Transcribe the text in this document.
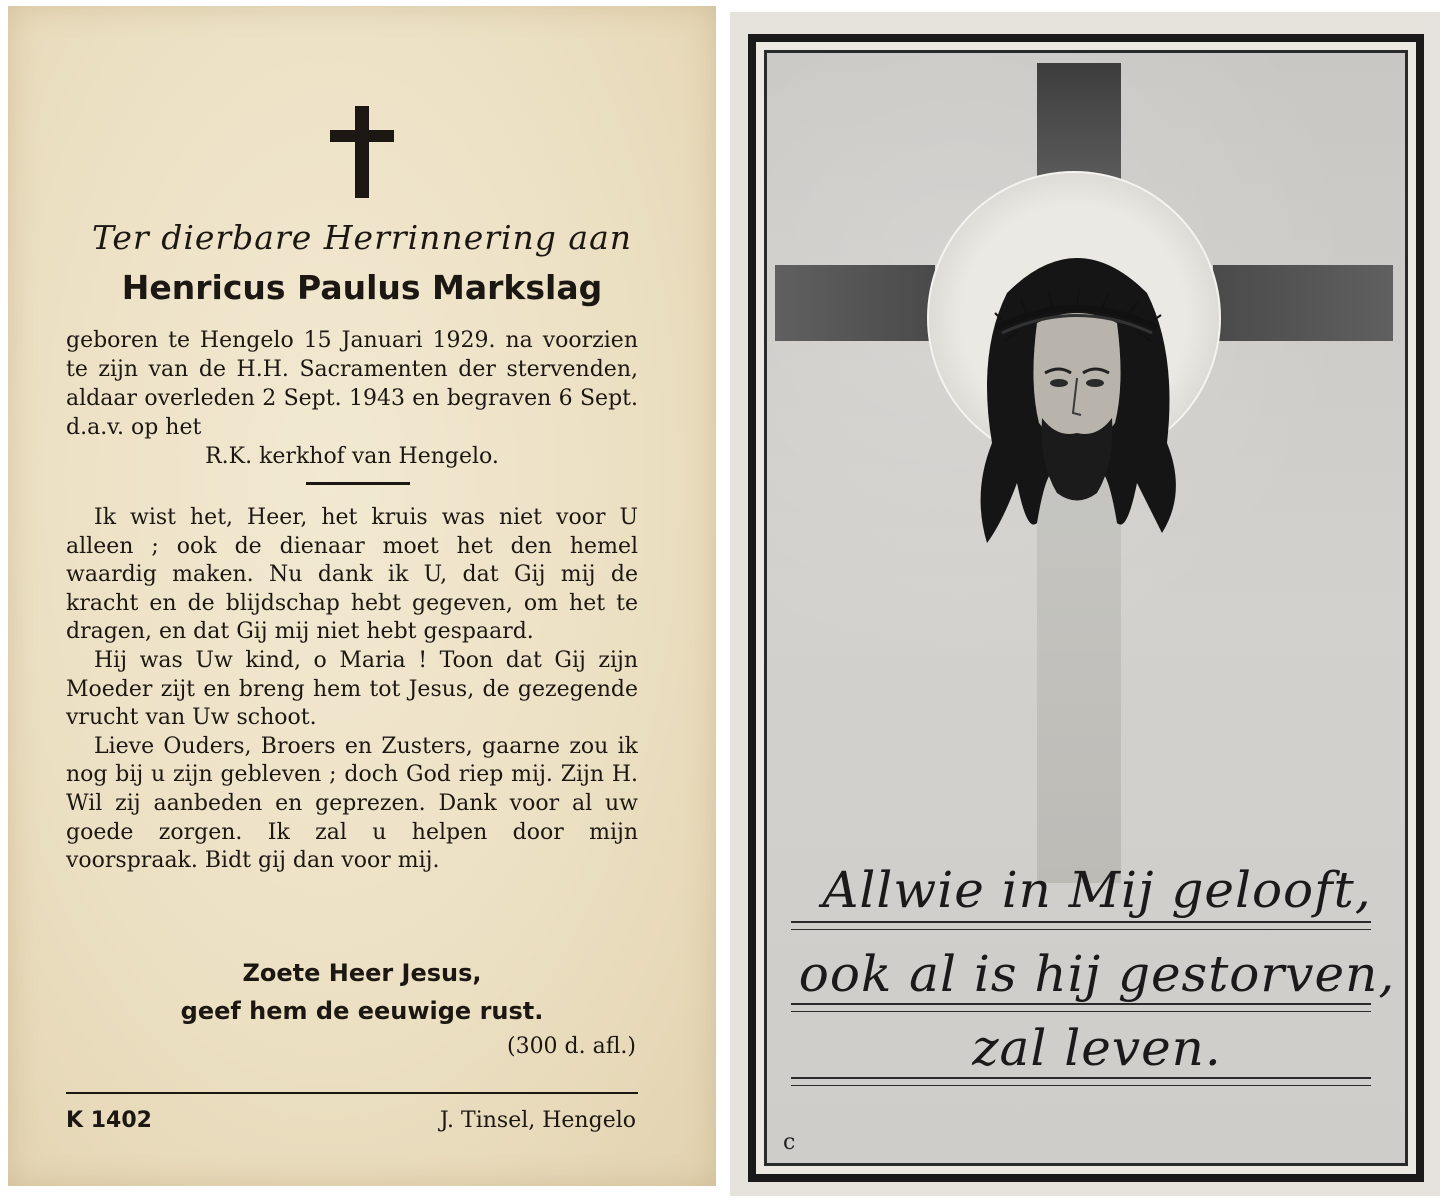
Ter dierbare Herrinnering aan
Henricus Paulus Markslag
geboren te Hengelo 15 Januari 1929. na voorzien te zijn van de H.H. Sacramenten der stervenden, aldaar overleden 2 Sept. 1943 en begraven 6 Sept. d.a.v. op het
R.K. kerkhof van Hengelo.

Ik wist het, Heer, het kruis was niet voor U alleen ; ook de dienaar moet het den hemel waardig maken. Nu dank ik U, dat Gij mij de kracht en de blijdschap hebt gegeven, om het te dragen, en dat Gij mij niet hebt gespaard.

Hij was Uw kind, o Maria ! Toon dat Gij zijn Moeder zijt en breng hem tot Jesus, de gezegende vrucht van Uw schoot.

Lieve Ouders, Broers en Zusters, gaarne zou ik nog bij u zijn gebleven ; doch God riep mij. Zijn H. Wil zij aanbeden en geprezen. Dank voor al uw goede zorgen. Ik zal u helpen door mijn voorspraak. Bidt gij dan voor mij.

Zoete Heer Jesus,
geef hem de eeuwige rust.
(300 d. afl.)
K 1402	J. Tinsel, Hengelo
Allwie in Mij gelooft,
ook al is hij gestorven,
zal leven.
c
